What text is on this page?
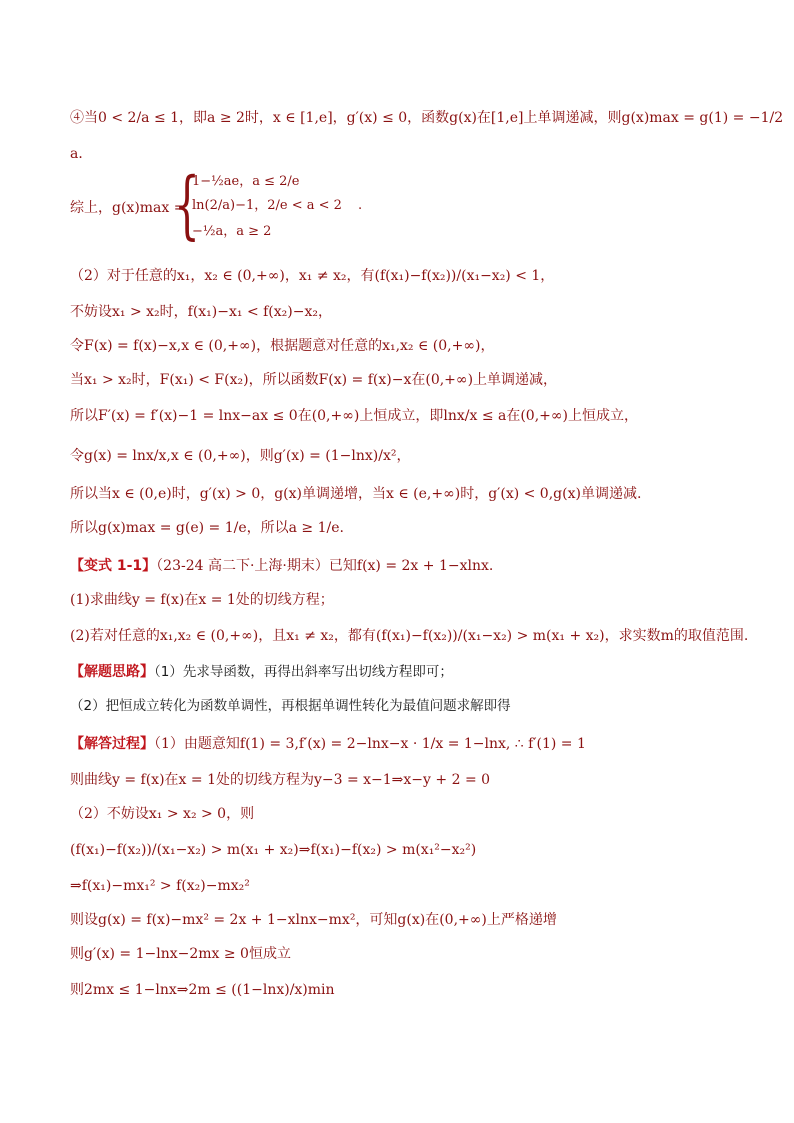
④当0 < 2/a ≤ 1，即a ≥ 2时，x ∈ [1,e]，g′(x) ≤ 0，函数g(x)在[1,e]上单调递减，则g(x)max = g(1) = −1/2
a．
综上，g(x)max =
{
1−½ae，a ≤ 2/e
ln(2/a)−1，2/e < a < 2
−½a，a ≥ 2
.
（2）对于任意的x₁，x₂ ∈ (0,+∞)，x₁ ≠ x₂，有(f(x₁)−f(x₂))/(x₁−x₂) < 1，
不妨设x₁ > x₂时，f(x₁)−x₁ < f(x₂)−x₂，
令F(x) = f(x)−x,x ∈ (0,+∞)，根据题意对任意的x₁,x₂ ∈ (0,+∞)，
当x₁ > x₂时，F(x₁) < F(x₂)，所以函数F(x) = f(x)−x在(0,+∞)上单调递减，
所以F′(x) = f′(x)−1 = lnx−ax ≤ 0在(0,+∞)上恒成立，即lnx/x ≤ a在(0,+∞)上恒成立，
令g(x) = lnx/x,x ∈ (0,+∞)，则g′(x) = (1−lnx)/x²，
所以当x ∈ (0,e)时，g′(x) > 0，g(x)单调递增，当x ∈ (e,+∞)时，g′(x) < 0,g(x)单调递减.
所以g(x)max = g(e) = 1/e，所以a ≥ 1/e.
【变式 1-1】（23-24 高二下·上海·期末）已知f(x) = 2x + 1−xlnx.
(1)求曲线y = f(x)在x = 1处的切线方程；
(2)若对任意的x₁,x₂ ∈ (0,+∞)，且x₁ ≠ x₂，都有(f(x₁)−f(x₂))/(x₁−x₂) > m(x₁ + x₂)，求实数m的取值范围.
【解题思路】（1）先求导函数，再得出斜率写出切线方程即可；
（2）把恒成立转化为函数单调性，再根据单调性转化为最值问题求解即得
【解答过程】（1）由题意知f(1) = 3,f′(x) = 2−lnx−x · 1/x = 1−lnx, ∴ f′(1) = 1
则曲线y = f(x)在x = 1处的切线方程为y−3 = x−1⇒x−y + 2 = 0
（2）不妨设x₁ > x₂ > 0，则
(f(x₁)−f(x₂))/(x₁−x₂) > m(x₁ + x₂)⇒f(x₁)−f(x₂) > m(x₁²−x₂²)
⇒f(x₁)−mx₁² > f(x₂)−mx₂²
则设g(x) = f(x)−mx² = 2x + 1−xlnx−mx²，可知g(x)在(0,+∞)上严格递增
则g′(x) = 1−lnx−2mx ≥ 0恒成立
则2mx ≤ 1−lnx⇒2m ≤ ((1−lnx)/x)min
